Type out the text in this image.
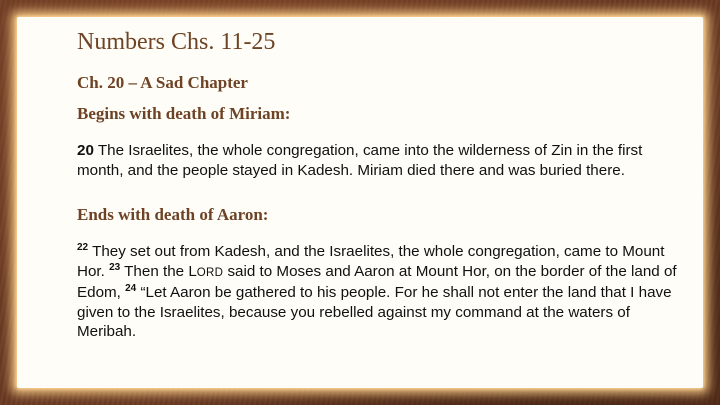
Numbers Chs. 11-25
Ch. 20 – A Sad Chapter
Begins with death of Miriam:

20 The Israelites, the whole congregation, came into the wilderness of Zin in the first month, and the people stayed in Kadesh. Miriam died there and was buried there.

Ends with death of Aaron:

$^{22}$ They set out from Kadesh, and the Israelites, the whole congregation, came to Mount Hor. $^{23}$ Then the LORD said to Moses and Aaron at Mount Hor, on the border of the land of Edom, $^{24}$ “Let Aaron be gathered to his people. For he shall not enter the land that I have given to the Israelites, because you rebelled against my command at the waters of Meribah.
